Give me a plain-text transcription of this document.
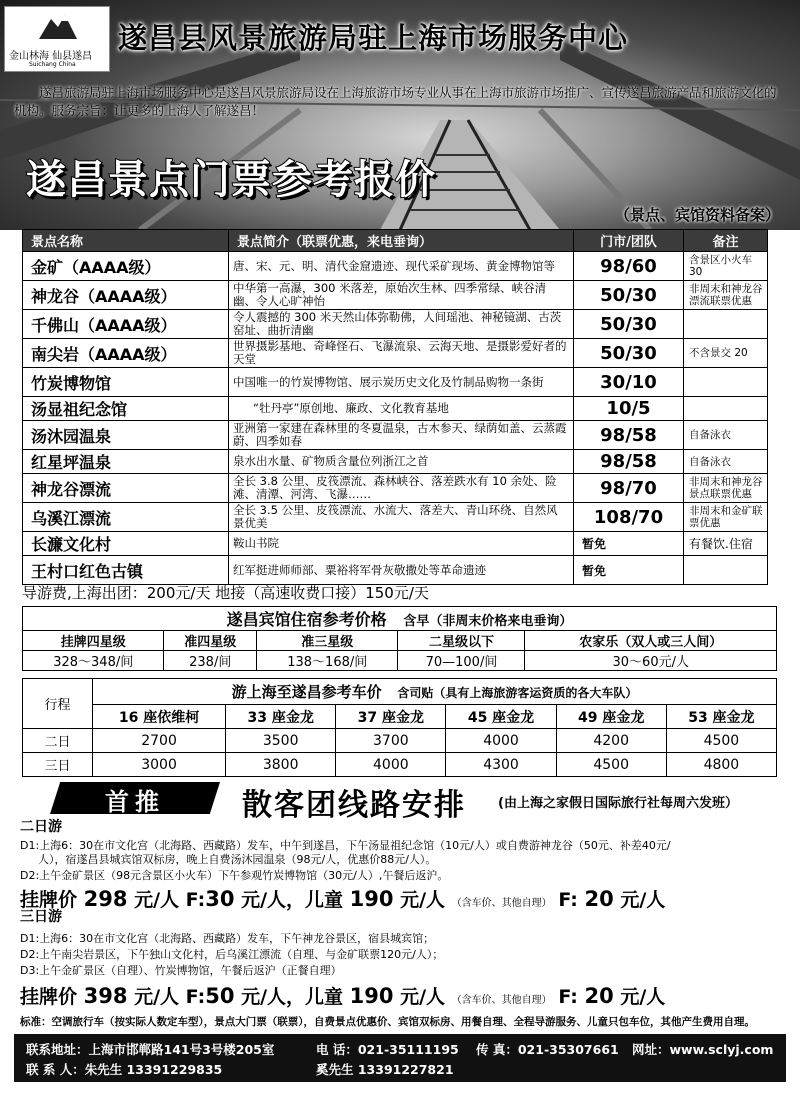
金山林海 仙县遂昌
Suichang China
遂昌县风景旅游局驻上海市场服务中心
遂昌旅游局驻上海市场服务中心是遂昌风景旅游局设在上海旅游市场专业从事在上海市旅游市场推广、宣传遂昌旅游产品和旅游文化的机构。服务宗旨：让更多的上海人了解遂昌！
遂昌景点门票参考报价
（景点、宾馆资料备案）
景点名称	景点简介（联票优惠，来电垂询）	门市/团队	备注
金矿（AAAA级）	唐、宋、元、明、清代金窟遗迹、现代采矿现场、黄金博物馆等	98/60	含景区小火车 30
神龙谷（AAAA级）	中华第一高瀑，300 米落差，原始次生林、四季常绿、峡谷清幽、令人心旷神怡	50/30	非周末和神龙谷漂流联票优惠
千佛山（AAAA级）	令人震撼的 300 米天然山体弥勒佛，人间瑶池、神秘镜湖、古茨窑址、曲折清幽	50/30	
南尖岩（AAAA级）	世界摄影基地、奇峰怪石、飞瀑流泉、云海天地、是摄影爱好者的天堂	50/30	不含景交 20
竹炭博物馆	中国唯一的竹炭博物馆、展示炭历史文化及竹制品购物一条街	30/10	
汤显祖纪念馆	“牡丹亭”原创地、廉政、文化教育基地	10/5	
汤沐园温泉	亚洲第一家建在森林里的冬夏温泉，古木参天、绿荫如盖、云蒸霞蔚、四季如春	98/58	自备泳衣
红星坪温泉	泉水出水量、矿物质含量位列浙江之首	98/58	自备泳衣
神龙谷漂流	全长 3.8 公里、皮筏漂流、森林峡谷、落差跌水有 10 余处、险滩、清潭、河湾、飞瀑……	98/70	非周末和神龙谷景点联票优惠
乌溪江漂流	全长 3.5 公里、皮筏漂流、水流大、落差大、青山环绕、自然风景优美	108/70	非周末和金矿联票优惠
长濂文化村	鞍山书院	暂免	有餐饮.住宿
王村口红色古镇	红军挺进师师部、粟裕将军骨灰敬撒处等革命遗迹	暂免	
导游费,上海出团：200元/天 地接（高速收费口接）150元/天
遂昌宾馆住宿参考价格 含早（非周末价格来电垂询）				
挂牌四星级	准四星级	准三星级	二星级以下	农家乐（双人或三人间）
328～348/间	238/间	138～168/间	70—100/间	30～60元/人
行程	游上海至遂昌参考车价 含司贴（具有上海旅游客运资质的各大车队）					
	16 座依维柯	33 座金龙	37 座金龙	45 座金龙	49 座金龙	53 座金龙
二日	2700	3500	3700	4000	4200	4500
三日	3000	3800	4000	4300	4500	4800
首推	散客团线路安排 (由上海之家假日国际旅行社每周六发班）
二日游
D1:上海6：30在市文化宫（北海路、西藏路）发车，中午到遂昌，下午汤显祖纪念馆（10元/人）或自费游神龙谷（50元、补差40元/
人），宿遂昌县城宾馆双标房，晚上自费汤沐园温泉（98元/人，优惠价88元/人）。
D2:上午金矿景区（98元含景区小火车）下午参观竹炭博物馆（30元/人）,午餐后返沪。
挂牌价 298 元/人 F:30 元/人，儿童 190 元/人 （含车价、其他自理） F: 20 元/人
三日游
D1:上海6：30在市文化宫（北海路、西藏路）发车，下午神龙谷景区，宿县城宾馆；
D2:上午南尖岩景区，下午独山文化村，后乌溪江漂流（自理、与金矿联票120元/人）；
D3:上午金矿景区（自理）、竹炭博物馆，午餐后返沪（正餐自理）
挂牌价 398 元/人 F:50 元/人，儿童 190 元/人 （含车价、其他自理） F: 20 元/人
标准：空调旅行车（按实际人数定车型），景点大门票（联票），自费景点优惠价、宾馆双标房、用餐自理、全程导游服务、儿童只包车位，其他产生费用自理。
联系地址：上海市邯郸路141号3号楼205室	电 话：021-35111195 传 真：021-35307661 网址：www.sclyj.com
联 系 人：朱先生 13391229835	奚先生 13391227821
